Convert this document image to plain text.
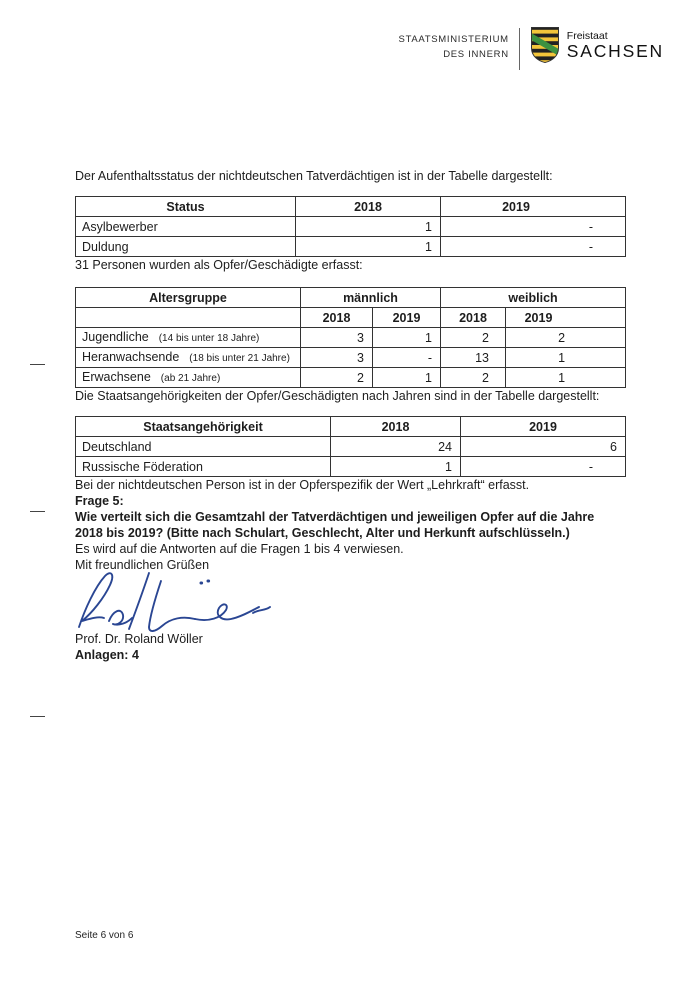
STAATSMINISTERIUM
DES INNERN
Freistaat
SACHSEN

Der Aufenthaltsstatus der nichtdeutschen Tatverdächtigen ist in der Tabelle dargestellt:

Status	2018	2019
Asylbewerber	1	-
Duldung	1	-

31 Personen wurden als Opfer/Geschädigte erfasst:

Altersgruppe	männlich		weiblich	
	2018	2019	2018	2019
Jugendliche (14 bis unter 18 Jahre)	3	1	2	2
Heranwachsende (18 bis unter 21 Jahre)	3	-	13	1
Erwachsene (ab 21 Jahre)	2	1	2	1

Die Staatsangehörigkeiten der Opfer/Geschädigten nach Jahren sind in der Tabelle dargestellt:

Staatsangehörigkeit	2018	2019
Deutschland	24	6
Russische Föderation	1	-

Bei der nichtdeutschen Person ist in der Opferspezifik der Wert „Lehrkraft“ erfasst.

Frage 5:

Wie verteilt sich die Gesamtzahl der Tatverdächtigen und jeweiligen Opfer auf die Jahre 2018 bis 2019? (Bitte nach Schulart, Geschlecht, Alter und Herkunft aufschlüsseln.)

Es wird auf die Antworten auf die Fragen 1 bis 4 verwiesen.

Mit freundlichen Grüßen

Prof. Dr. Roland Wöller

Anlagen: 4

Seite 6 von 6
